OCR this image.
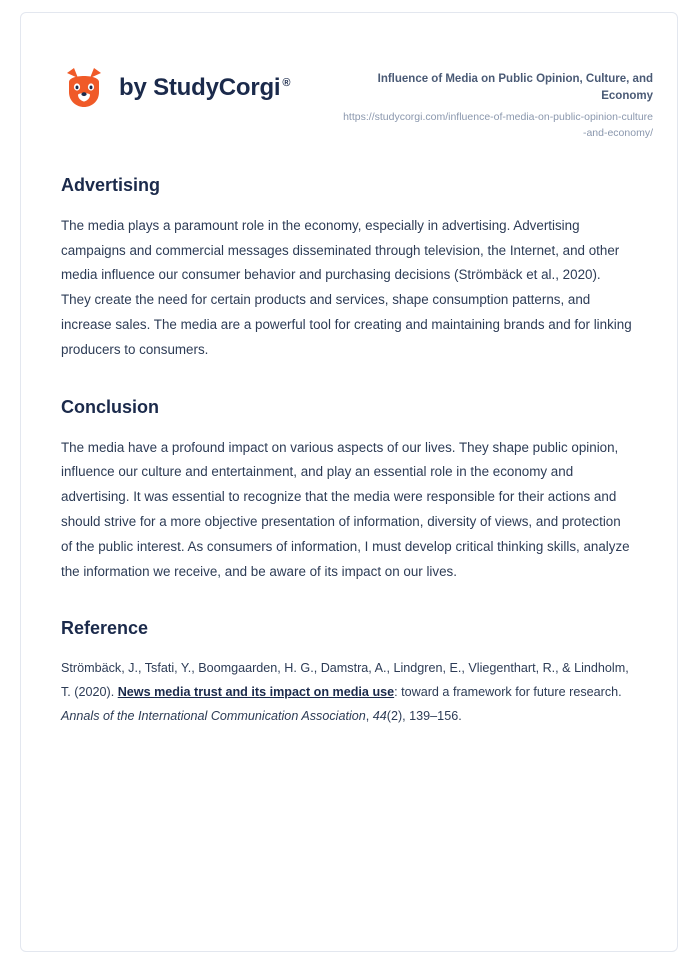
by StudyCorgi ®	Influence of Media on Public Opinion, Culture, and Economy

https://studycorgi.com/influence-of-media-on-public-opinion-culture-and-economy/

Advertising

The media plays a paramount role in the economy, especially in advertising. Advertising campaigns and commercial messages disseminated through television, the Internet, and other media influence our consumer behavior and purchasing decisions (Strömbäck et al., 2020). They create the need for certain products and services, shape consumption patterns, and increase sales. The media are a powerful tool for creating and maintaining brands and for linking producers to consumers.

Conclusion

The media have a profound impact on various aspects of our lives. They shape public opinion, influence our culture and entertainment, and play an essential role in the economy and advertising. It was essential to recognize that the media were responsible for their actions and should strive for a more objective presentation of information, diversity of views, and protection of the public interest. As consumers of information, I must develop critical thinking skills, analyze the information we receive, and be aware of its impact on our lives.

Reference

Strömbäck, J., Tsfati, Y., Boomgaarden, H. G., Damstra, A., Lindgren, E., Vliegenthart, R., & Lindholm, T. (2020). News media trust and its impact on media use: toward a framework for future research. Annals of the International Communication Association, 44(2), 139–156.
